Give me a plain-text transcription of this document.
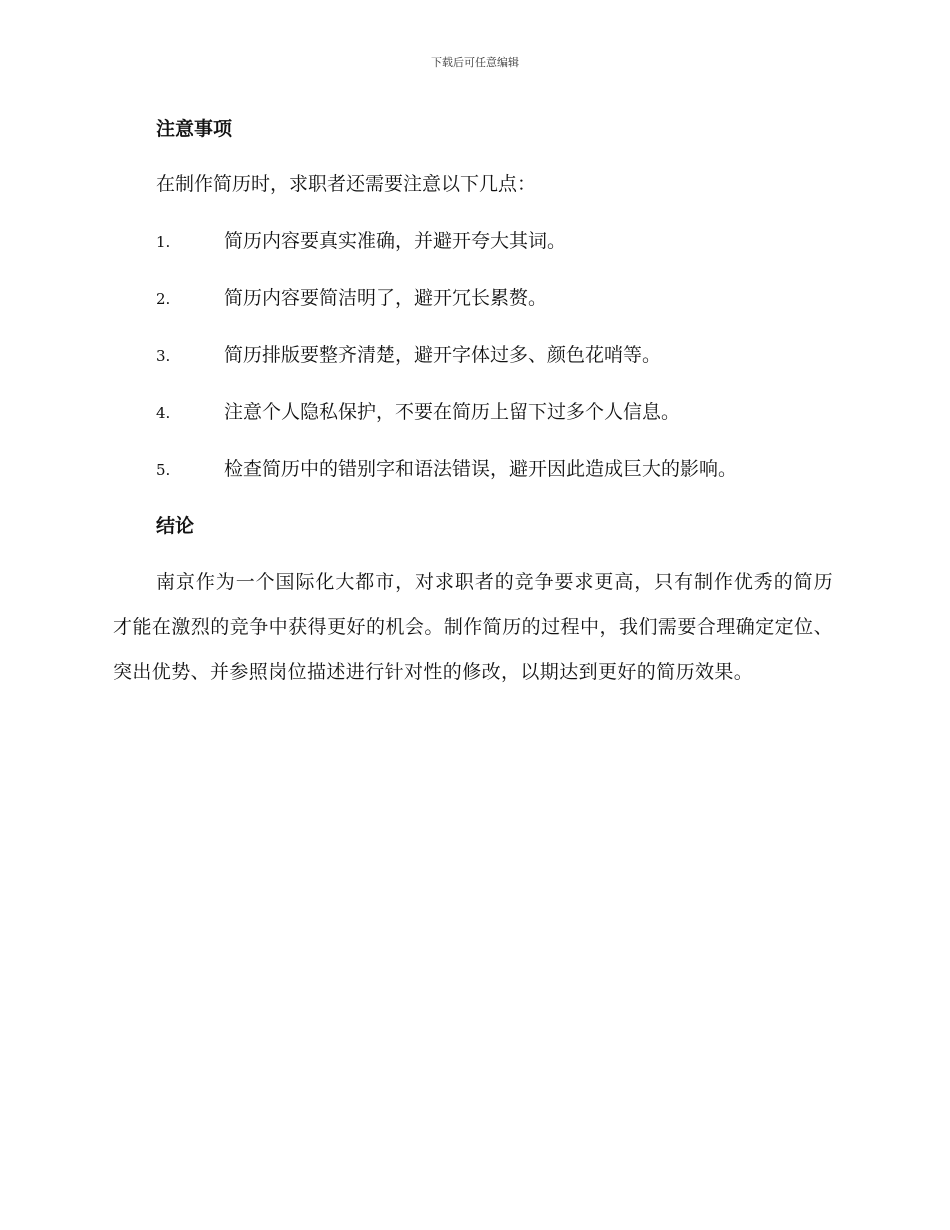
下载后可任意编辑
注意事项
在制作简历时，求职者还需要注意以下几点：
1.	简历内容要真实准确，并避开夸大其词。
2.	简历内容要简洁明了，避开冗长累赘。
3.	简历排版要整齐清楚，避开字体过多、颜色花哨等。
4.	注意个人隐私保护，不要在简历上留下过多个人信息。
5.	检查简历中的错别字和语法错误，避开因此造成巨大的影响。
结论

南京作为一个国际化大都市，对求职者的竞争要求更高，只有制作优秀的简历才能在激烈的竞争中获得更好的机会。制作简历的过程中，我们需要合理确定定位、突出优势、并参照岗位描述进行针对性的修改，以期达到更好的简历效果。
